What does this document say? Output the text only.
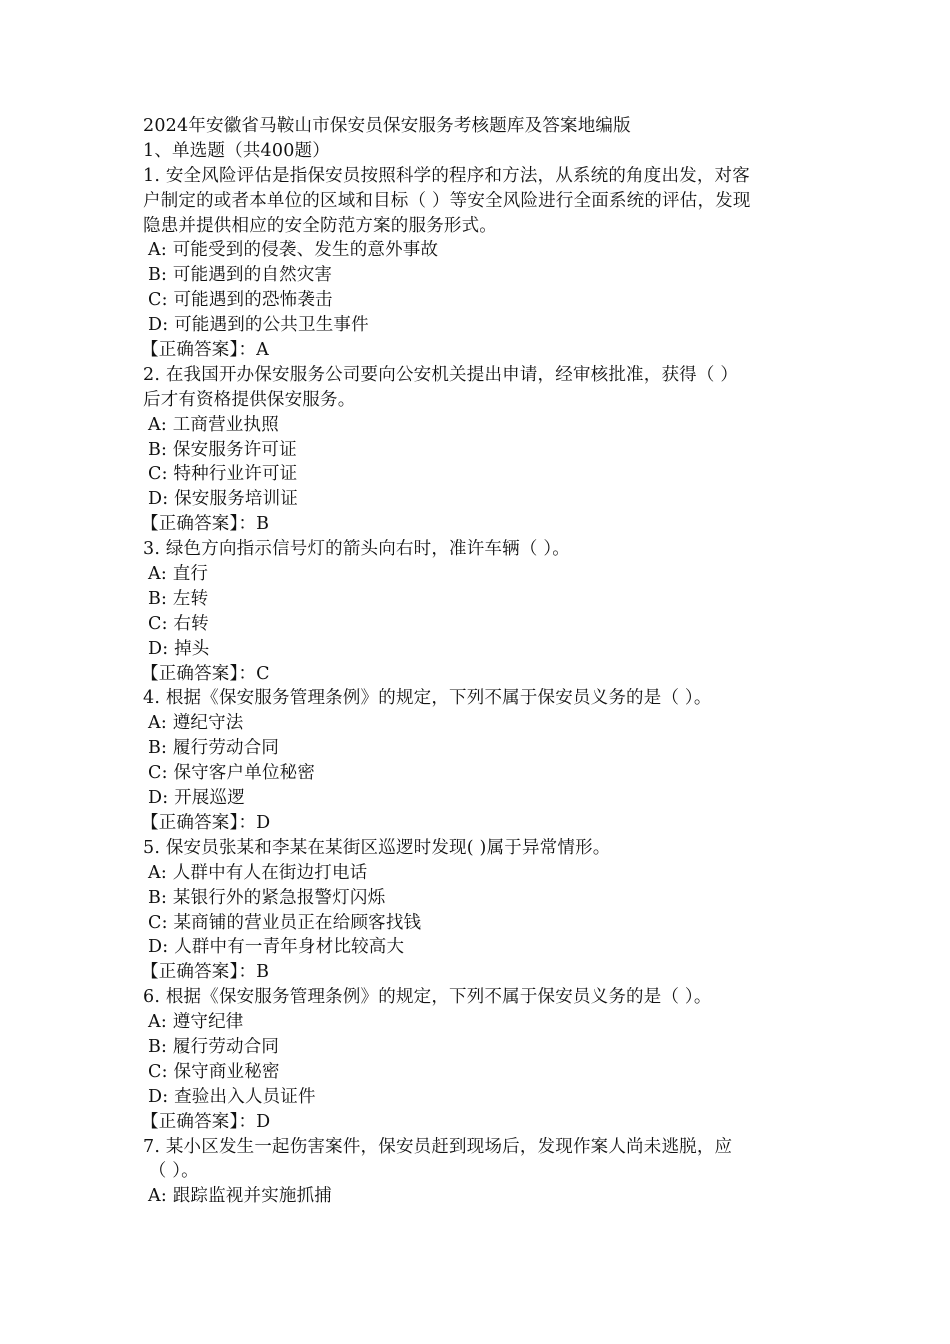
2024年安徽省马鞍山市保安员保安服务考核题库及答案地编版
1、单选题（共400题）
1. 安全风险评估是指保安员按照科学的程序和方法，从系统的角度出发，对客
户制定的或者本单位的区域和目标（ ）等安全风险进行全面系统的评估，发现
隐患并提供相应的安全防范方案的服务形式。
A: 可能受到的侵袭、发生的意外事故
B: 可能遇到的自然灾害
C: 可能遇到的恐怖袭击
D: 可能遇到的公共卫生事件
【正确答案】：A
2. 在我国开办保安服务公司要向公安机关提出申请，经审核批准，获得（ ）
后才有资格提供保安服务。
A: 工商营业执照
B: 保安服务许可证
C: 特种行业许可证
D: 保安服务培训证
【正确答案】：B
3. 绿色方向指示信号灯的箭头向右时，准许车辆（ ）。
A: 直行
B: 左转
C: 右转
D: 掉头
【正确答案】：C
4. 根据《保安服务管理条例》的规定，下列不属于保安员义务的是（ ）。
A: 遵纪守法
B: 履行劳动合同
C: 保守客户单位秘密
D: 开展巡逻
【正确答案】：D
5. 保安员张某和李某在某街区巡逻时发现( )属于异常情形。
A: 人群中有人在街边打电话
B: 某银行外的紧急报警灯闪烁
C: 某商铺的营业员正在给顾客找钱
D: 人群中有一青年身材比较高大
【正确答案】：B
6. 根据《保安服务管理条例》的规定，下列不属于保安员义务的是（ ）。
A: 遵守纪律
B: 履行劳动合同
C: 保守商业秘密
D: 查验出入人员证件
【正确答案】：D
7. 某小区发生一起伤害案件，保安员赶到现场后，发现作案人尚未逃脱，应
（ ）。
A: 跟踪监视并实施抓捕
